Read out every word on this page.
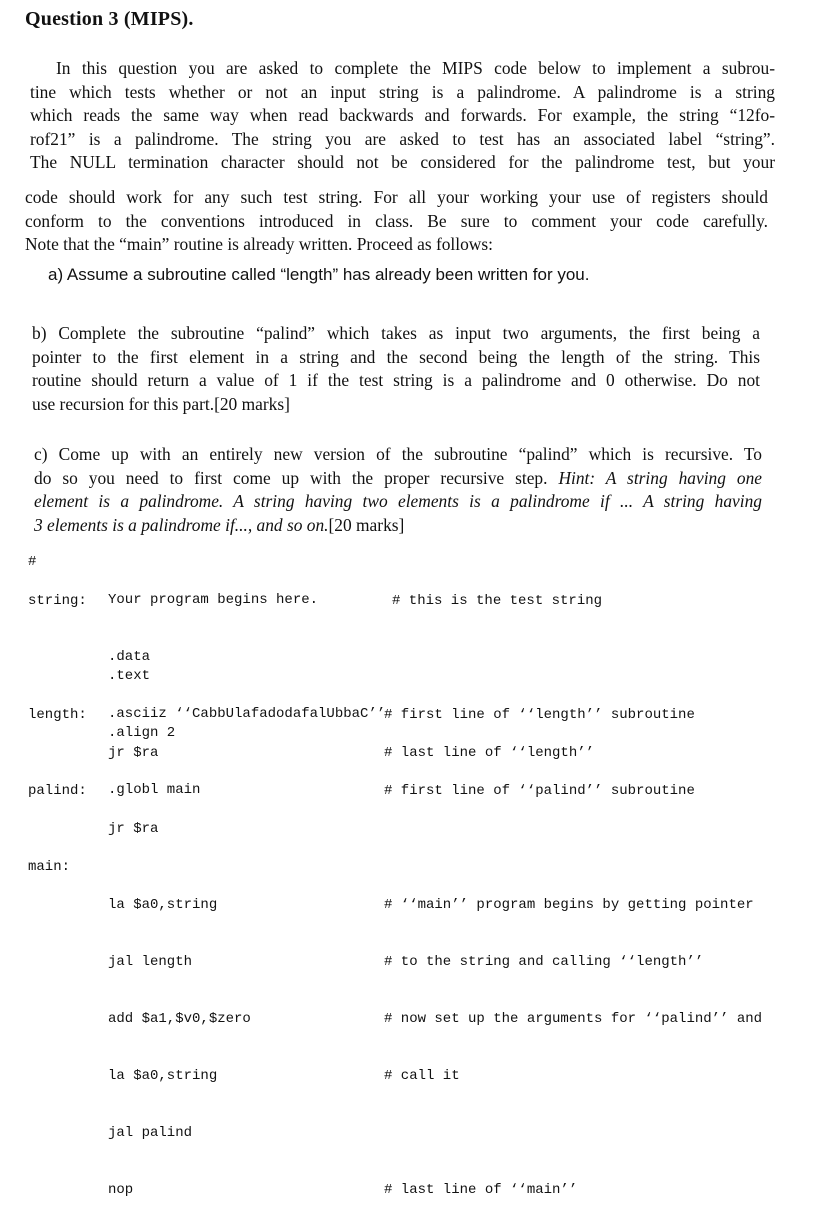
Question 3 (MIPS).
In this question you are asked to complete the MIPS code below to implement a subrou-
tine which tests whether or not an input string is a palindrome. A palindrome is a string
which reads the same way when read backwards and forwards. For example, the string “12fo-
rof21” is a palindrome. The string you are asked to test has an associated label “string”.
The NULL termination character should not be considered for the palindrome test, but your
code should work for any such test string. For all your working your use of registers should
conform to the conventions introduced in class. Be sure to comment your code carefully.
Note that the “main” routine is already written. Proceed as follows:
a) Assume a subroutine called “length” has already been written for you.
b) Complete the subroutine “palind” which takes as input two arguments, the first being a
pointer to the first element in a string and the second being the length of the string. This
routine should return a value of 1 if the test string is a palindrome and 0 otherwise. Do not
use recursion for this part.[20 marks]
c) Come up with an entirely new version of the subroutine “palind” which is recursive. To
do so you need to first come up with the proper recursive step. Hint: A string having one
element is a palindrome. A string having two elements is a palindrome if ... A string having
3 elements is a palindrome if..., and so on.[20 marks]
#
string:
length:
palind:
main:

Your program begins here.

.data

.asciiz ‘‘CabbUlafadodafalUbbaC’’

# this is the test string

.text

.align 2

.globl main

# first line of ‘‘length’’ subroutine
jr $ra	# last line of ‘‘length’’
# first line of ‘‘palind’’ subroutine
jr $ra

la $a0,string

jal length

add $a1,$v0,$zero

la $a0,string

jal palind

nop

# ‘‘main’’ program begins by getting pointer

# to the string and calling ‘‘length’’

# now set up the arguments for ‘‘palind’’ and

# call it

# last line of ‘‘main’’
